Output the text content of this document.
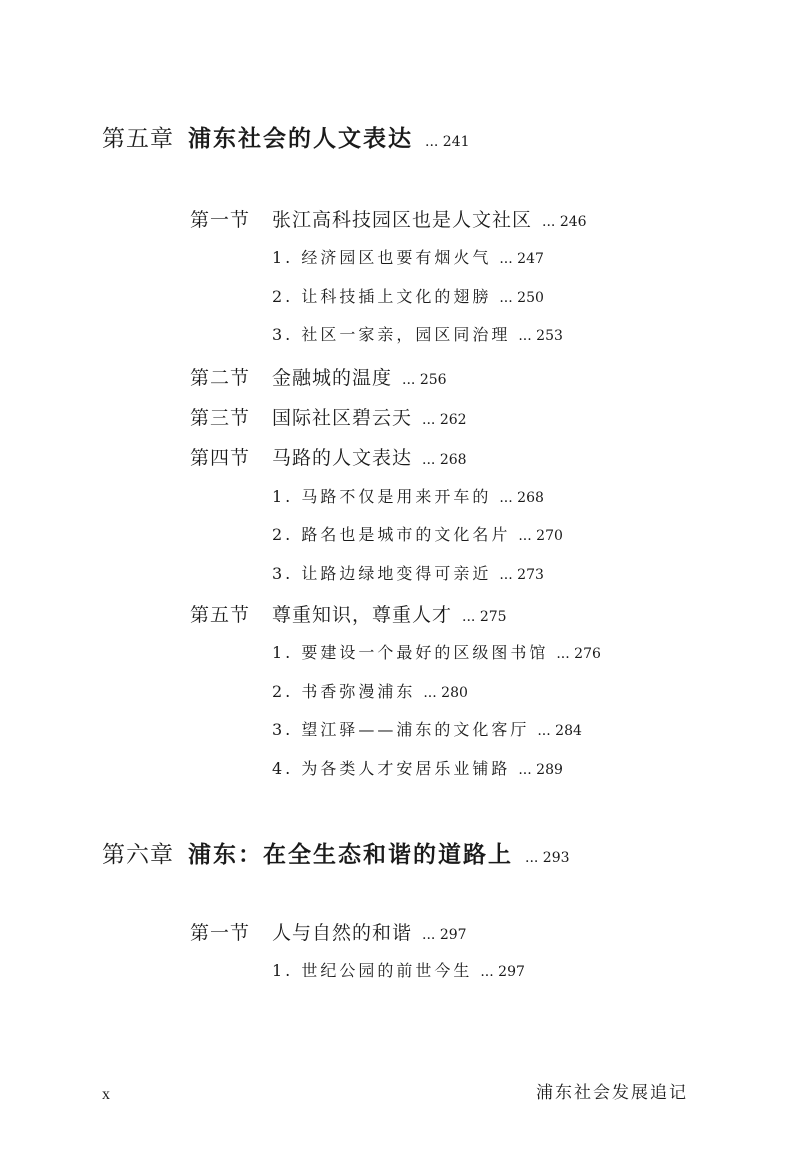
第五章 浦东社会的人文表达 ... 241
第一节	张江高科技园区也是人文社区 ... 246
1. 经济园区也要有烟火气 ... 247
2. 让科技插上文化的翅膀 ... 250
3. 社区一家亲，园区同治理 ... 253
第二节	金融城的温度 ... 256
第三节	国际社区碧云天 ... 262
第四节	马路的人文表达 ... 268
1. 马路不仅是用来开车的 ... 268
2. 路名也是城市的文化名片 ... 270
3. 让路边绿地变得可亲近 ... 273
第五节	尊重知识，尊重人才 ... 275
1. 要建设一个最好的区级图书馆 ... 276
2. 书香弥漫浦东 ... 280
3. 望江驿——浦东的文化客厅 ... 284
4. 为各类人才安居乐业铺路 ... 289
第六章 浦东：在全生态和谐的道路上 ... 293
第一节	人与自然的和谐 ... 297
1. 世纪公园的前世今生 ... 297
x	浦东社会发展追记
